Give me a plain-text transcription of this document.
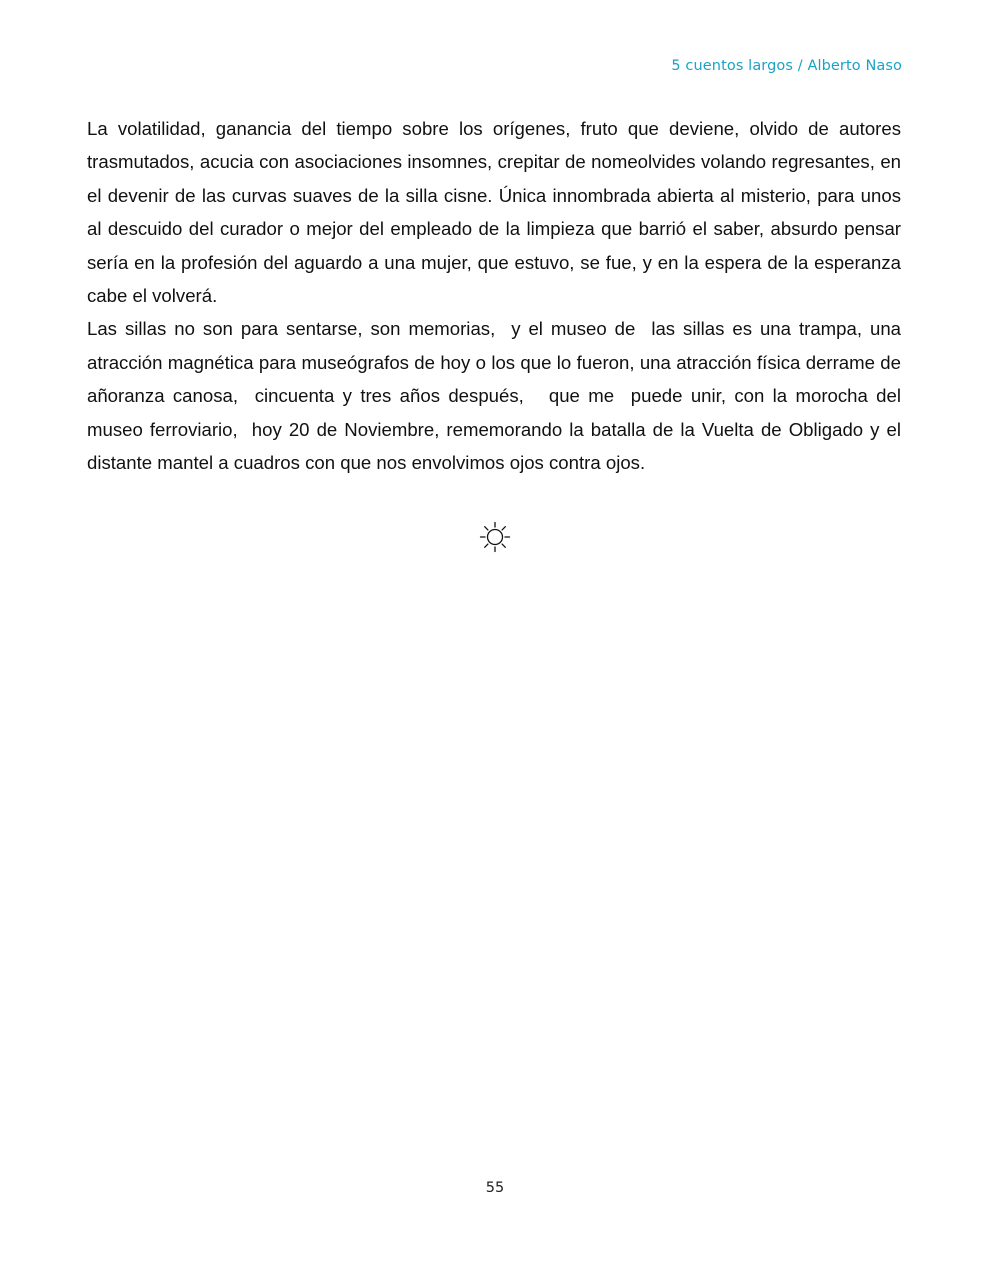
5 cuentos largos / Alberto Naso

La volatilidad, ganancia del tiempo sobre los orígenes, fruto que deviene, olvido de autores trasmutados, acucia con asociaciones insomnes, crepitar de nomeolvides volando regresantes, en el devenir de las curvas suaves de la silla cisne. Única innombrada abierta al misterio, para unos al descuido del curador o mejor del empleado de la limpieza que barrió el saber, absurdo pensar sería en la profesión del aguardo a una mujer, que estuvo, se fue, y en la espera de la esperanza cabe el volverá.

Las sillas no son para sentarse, son memorias,  y el museo de  las sillas es una trampa, una atracción magnética para museógrafos de hoy o los que lo fueron, una atracción física derrame de añoranza canosa,  cincuenta y tres años después,   que me  puede unir, con la morocha del museo ferroviario,  hoy 20 de Noviembre, rememorando la batalla de la Vuelta de Obligado y el distante mantel a cuadros con que nos envolvimos ojos contra ojos.

55
